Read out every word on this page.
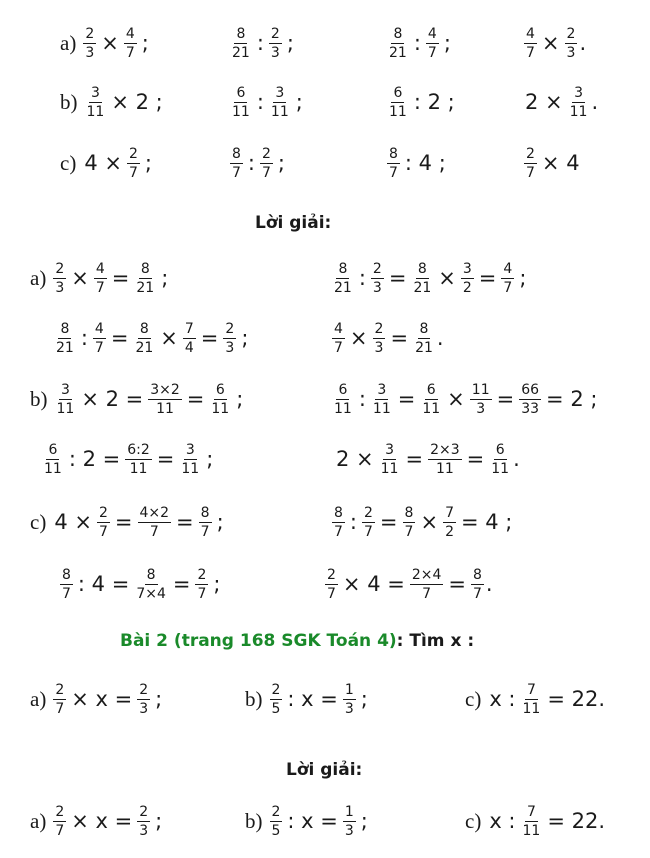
$a) \frac{2}{3} \times \frac{4}{7}$ ;	$\frac{8}{21}$ : $\frac{2}{3}$ ;	$\frac{8}{21}$ : $\frac{4}{7}$ ;	$\frac{4}{7} \times \frac{2}{3}$ .
$b) \frac{3}{11} \times 2$ ;	$\frac{6}{11}$ : $\frac{3}{11}$ ;	$\frac{6}{11}$ : 2 ;	$2 \times \frac{3}{11}$ .
c) $4 \times \frac{2}{7}$ ;	$\frac{8}{7}$ : $\frac{2}{7}$ ;	$\frac{8}{7}$ : 4 ;	$\frac{2}{7} \times 4$
Lời giải:
$a) \frac{2}{3} \times \frac{4}{7} = \frac{8}{21}$ ;	$\frac{8}{21}$ : $\frac{2}{3} = \frac{8}{21} \times \frac{3}{2} = \frac{4}{7}$ ;
$\frac{8}{21}$ : $\frac{4}{7} = \frac{8}{21} \times \frac{7}{4} = \frac{2}{3}$ ;	$\frac{4}{7} \times \frac{2}{3} = \frac{8}{21}$ .
$b) \frac{3}{11} \times 2 = \frac{3\times 2}{11} = \frac{6}{11}$ ;	$\frac{6}{11}$ : $\frac{3}{11} = \frac{6}{11} \times \frac{11}{3} = \frac{66}{33} = 2$ ;
$\frac{6}{11}$ : $2 = \frac{6:2}{11} = \frac{3}{11}$ ;	$2 \times \frac{3}{11} = \frac{2\times 3}{11} = \frac{6}{11}$ .
c) $4 \times \frac{2}{7} = \frac{4\times 2}{7} = \frac{8}{7}$ ;	$\frac{8}{7}$ : $\frac{2}{7} = \frac{8}{7} \times \frac{7}{2} = 4$ ;
$\frac{8}{7}$ : $4 = \frac{8}{7\times 4} = \frac{2}{7}$ ;	$\frac{2}{7} \times 4 = \frac{2\times 4}{7} = \frac{8}{7}$ .
Bài 2 (trang 168 SGK Toán 4): Tìm x :
$a) \frac{2}{7} \times x = \frac{2}{3}$ ;	$b) \frac{2}{5}$ : $x = \frac{1}{3}$ ;	c) x : $\frac{7}{11} = 22$.
Lời giải:
$a) \frac{2}{7} \times x = \frac{2}{3}$ ;	$b) \frac{2}{5}$ : $x = \frac{1}{3}$ ;	c) x : $\frac{7}{11} = 22$.
